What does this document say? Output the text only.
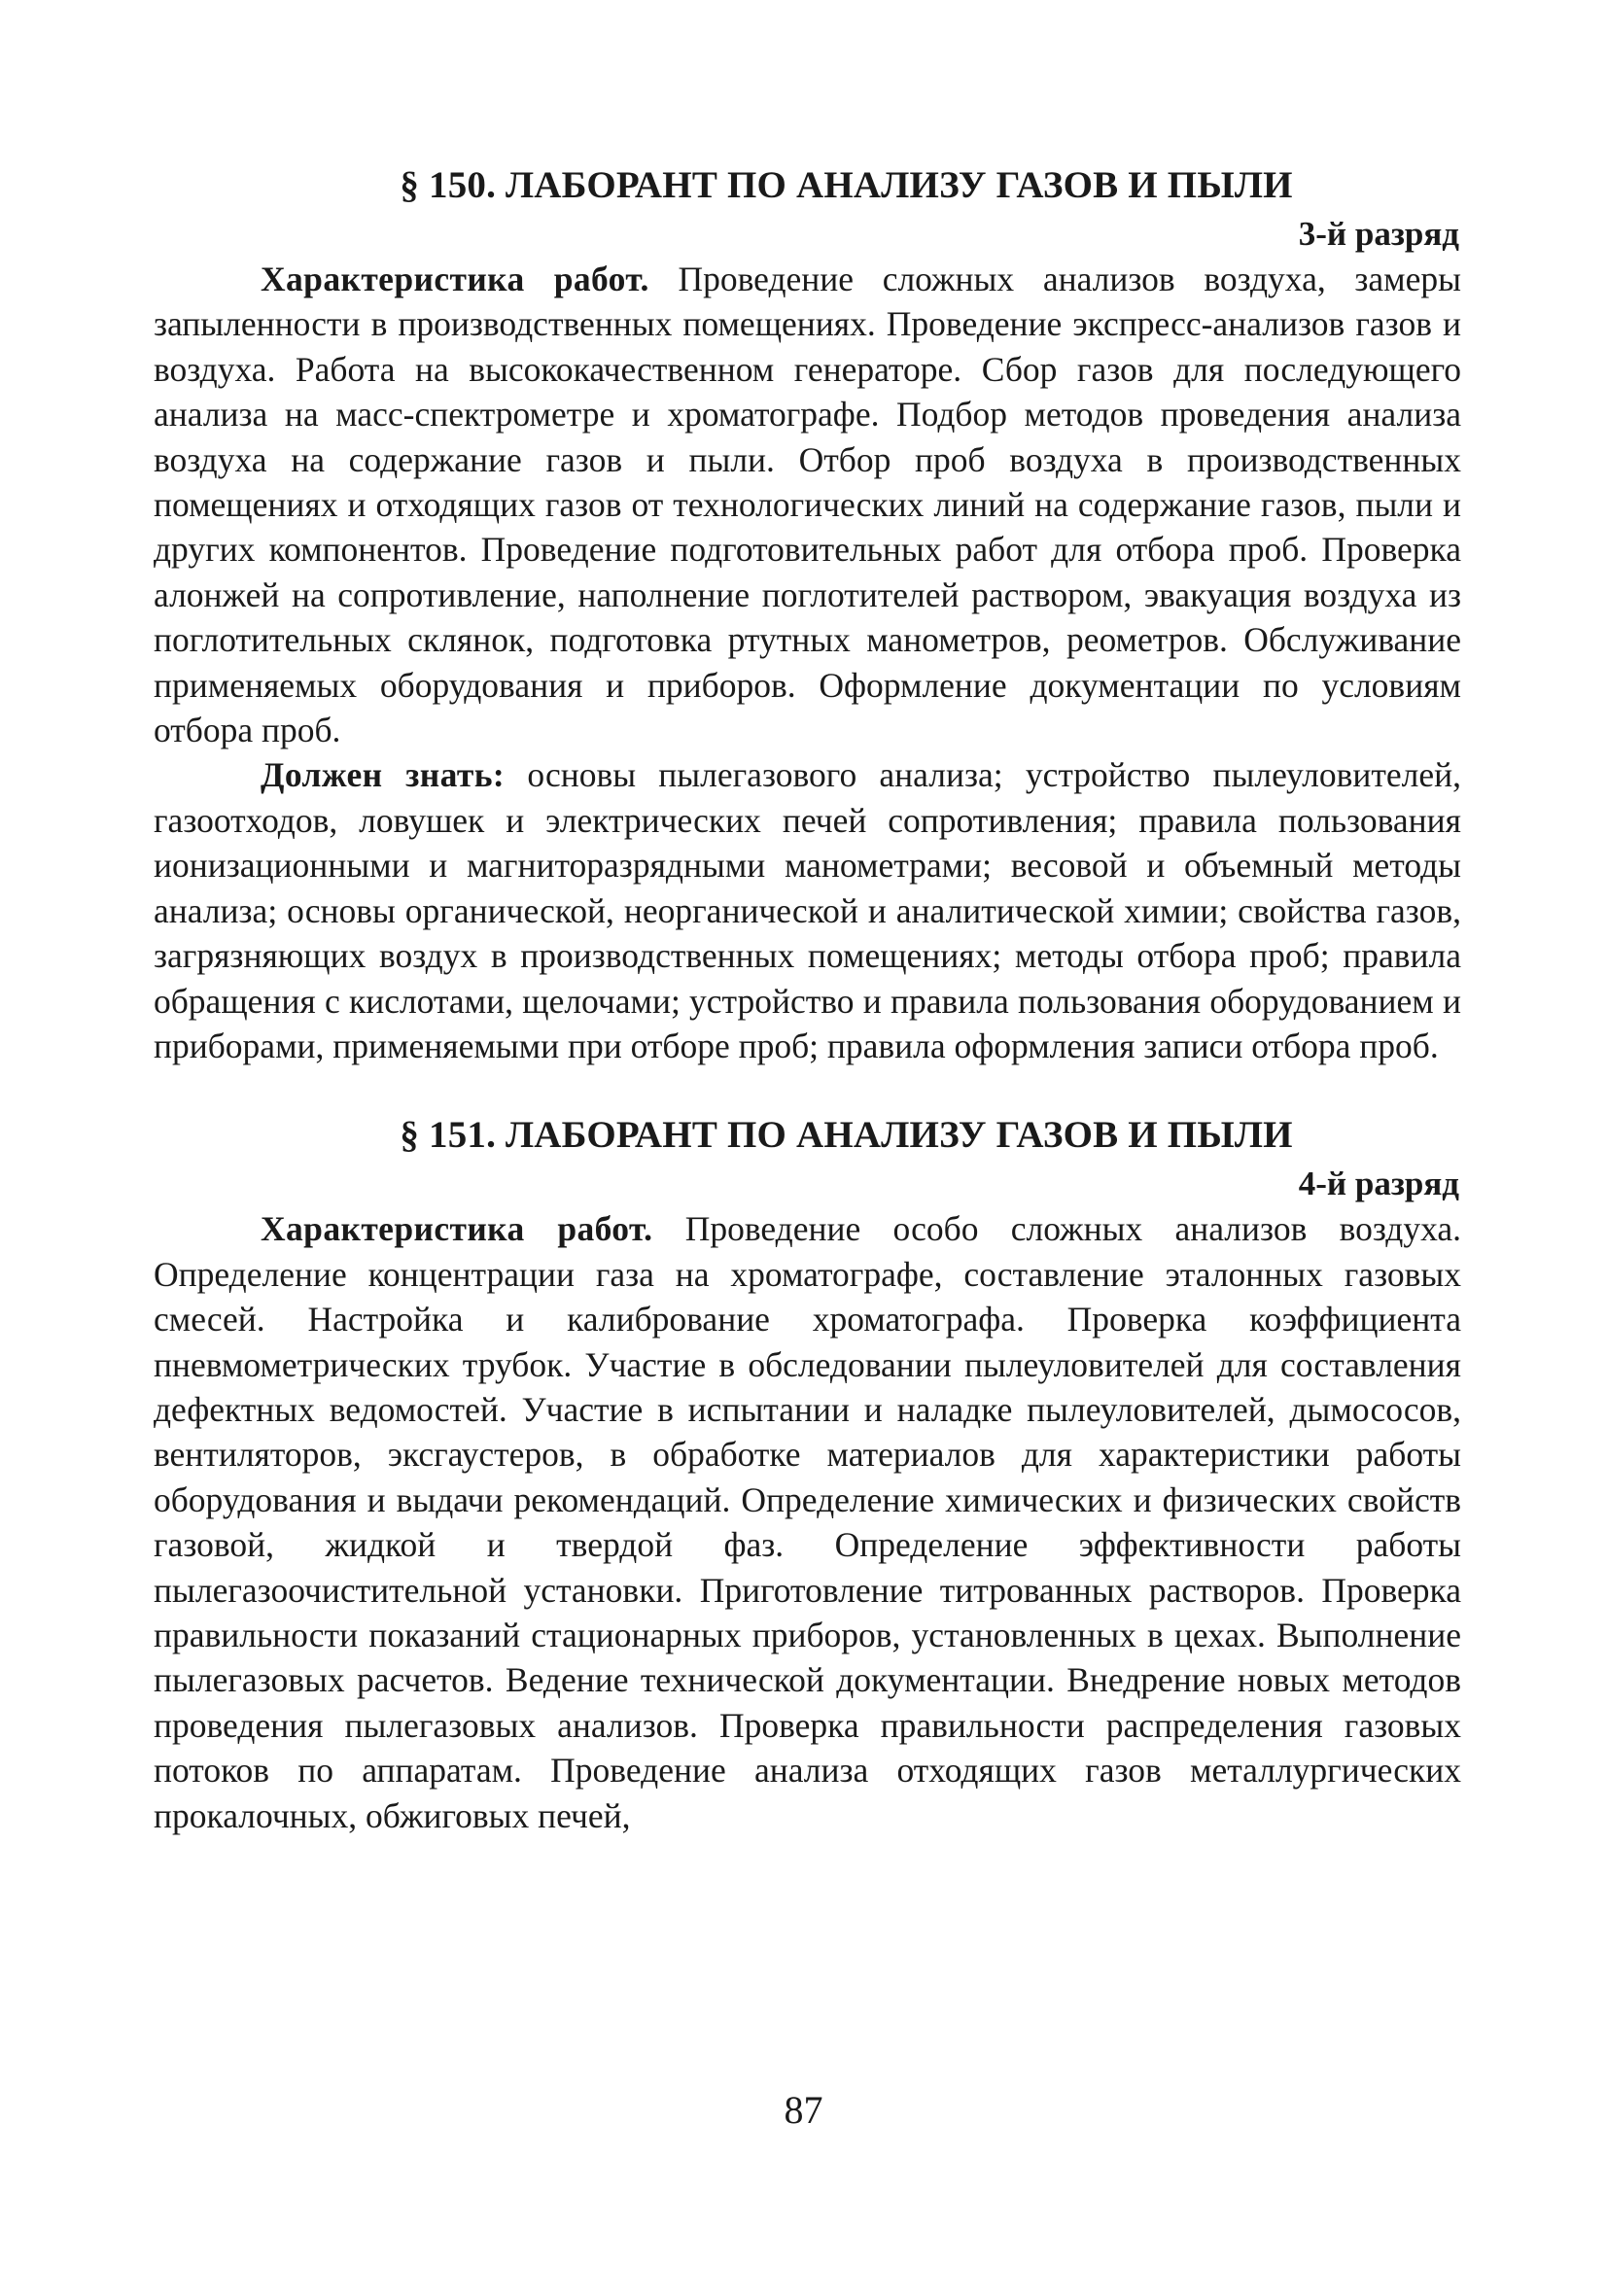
§ 150. ЛАБОРАНТ ПО АНАЛИЗУ ГАЗОВ И ПЫЛИ
3-й разряд

Характеристика работ. Проведение сложных анализов воздуха, замеры запыленности в производственных помещениях. Проведение экспресс-анализов газов и воздуха. Работа на высококачественном генераторе. Сбор газов для последующего анализа на масс-спектрометре и хроматографе. Подбор методов проведения анализа воздуха на содержание газов и пыли. Отбор проб воздуха в производственных помещениях и отходящих газов от технологических линий на содержание газов, пыли и других компонентов. Проведение подготовительных работ для отбора проб. Проверка алонжей на сопротивление, наполнение поглотителей раствором, эвакуация воздуха из поглотительных склянок, подготовка ртутных манометров, реометров. Обслуживание применяемых оборудования и приборов. Оформление документации по условиям отбора проб.

Должен знать: основы пылегазового анализа; устройство пылеуловителей, газоотходов, ловушек и электрических печей сопротивления; правила пользования ионизационными и магниторазрядными манометрами; весовой и объемный методы анализа; основы органической, неорганической и аналитической химии; свойства газов, загрязняющих воздух в производственных помещениях; методы отбора проб; правила обращения с кислотами, щелочами; устройство и правила пользования оборудованием и приборами, применяемыми при отборе проб; правила оформления записи отбора проб.

§ 151. ЛАБОРАНТ ПО АНАЛИЗУ ГАЗОВ И ПЫЛИ
4-й разряд

Характеристика работ. Проведение особо сложных анализов воздуха. Определение концентрации газа на хроматографе, составление эталонных газовых смесей. Настройка и калибрование хроматографа. Проверка коэффициента пневмометрических трубок. Участие в обследовании пылеуловителей для составления дефектных ведомостей. Участие в испытании и наладке пылеуловителей, дымососов, вентиляторов, эксгаустеров, в обработке материалов для характеристики работы оборудования и выдачи рекомендаций. Определение химических и физических свойств газовой, жидкой и твердой фаз. Определение эффективности работы пылегазоочистительной установки. Приготовление титрованных растворов. Проверка правильности показаний стационарных приборов, установленных в цехах. Выполнение пылегазовых расчетов. Ведение технической документации. Внедрение новых методов проведения пылегазовых анализов. Проверка правильности распределения газовых потоков по аппаратам. Проведение анализа отходящих газов металлургических прокалочных, обжиговых печей,

87
